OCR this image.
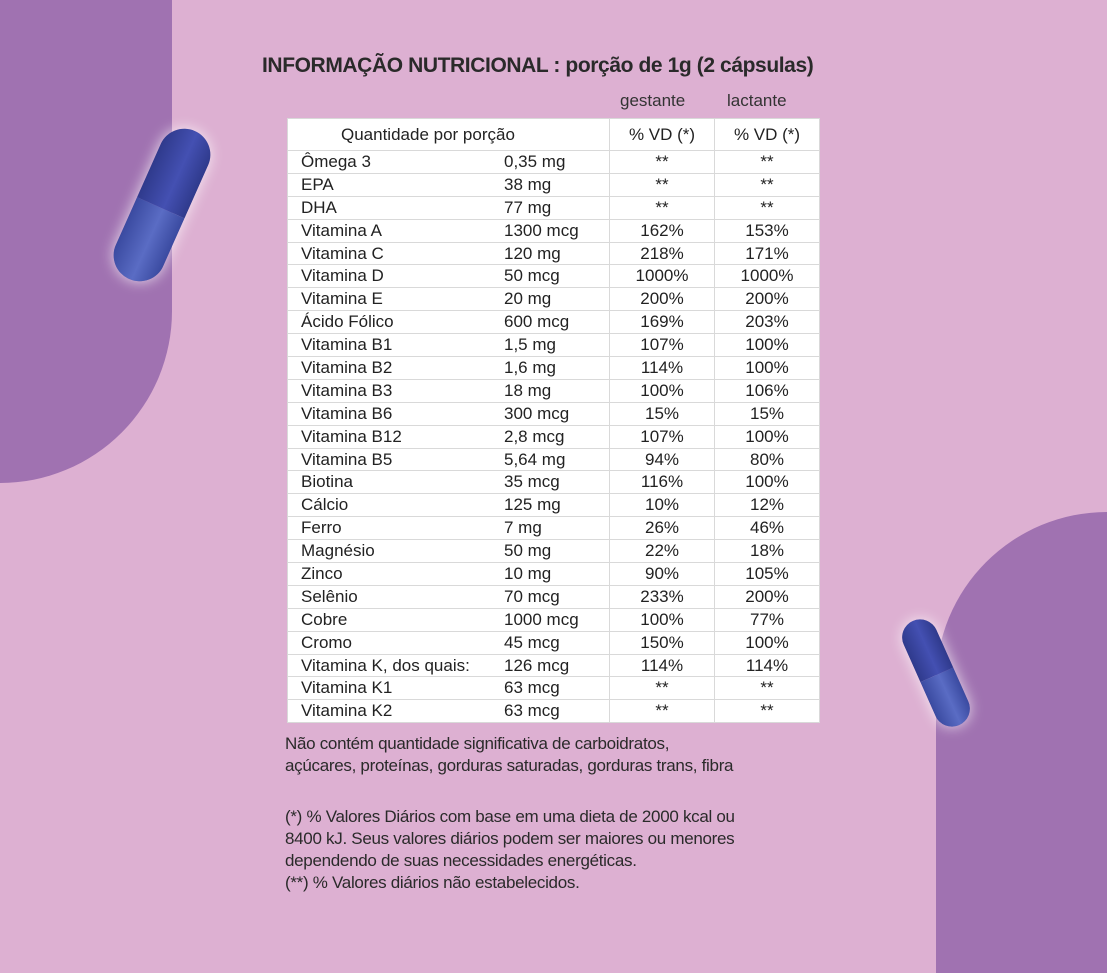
INFORMAÇÃO NUTRICIONAL : porção de 1g (2 cápsulas)
gestante lactante
Quantidade por porção		% VD (*)	% VD (*)
Ômega 3	0,35 mg	**	**
EPA	38 mg	**	**
DHA	77 mg	**	**
Vitamina A	1300 mcg	162%	153%
Vitamina C	120 mg	218%	171%
Vitamina D	50 mcg	1000%	1000%
Vitamina E	20 mg	200%	200%
Ácido Fólico	600 mcg	169%	203%
Vitamina B1	1,5 mg	107%	100%
Vitamina B2	1,6 mg	114%	100%
Vitamina B3	18 mg	100%	106%
Vitamina B6	300 mcg	15%	15%
Vitamina B12	2,8 mcg	107%	100%
Vitamina B5	5,64 mg	94%	80%
Biotina	35 mcg	116%	100%
Cálcio	125 mg	10%	12%
Ferro	7 mg	26%	46%
Magnésio	50 mg	22%	18%
Zinco	10 mg	90%	105%
Selênio	70 mcg	233%	200%
Cobre	1000 mcg	100%	77%
Cromo	45 mcg	150%	100%
Vitamina K, dos quais:	126 mcg	114%	114%
Vitamina K1	63 mcg	**	**
Vitamina K2	63 mcg	**	**

Não contém quantidade significativa de carboidratos,

açúcares, proteínas, gorduras saturadas, gorduras trans, fibra

(*) % Valores Diários com base em uma dieta de 2000 kcal ou

8400 kJ. Seus valores diários podem ser maiores ou menores

dependendo de suas necessidades energéticas.

(**) % Valores diários não estabelecidos.
